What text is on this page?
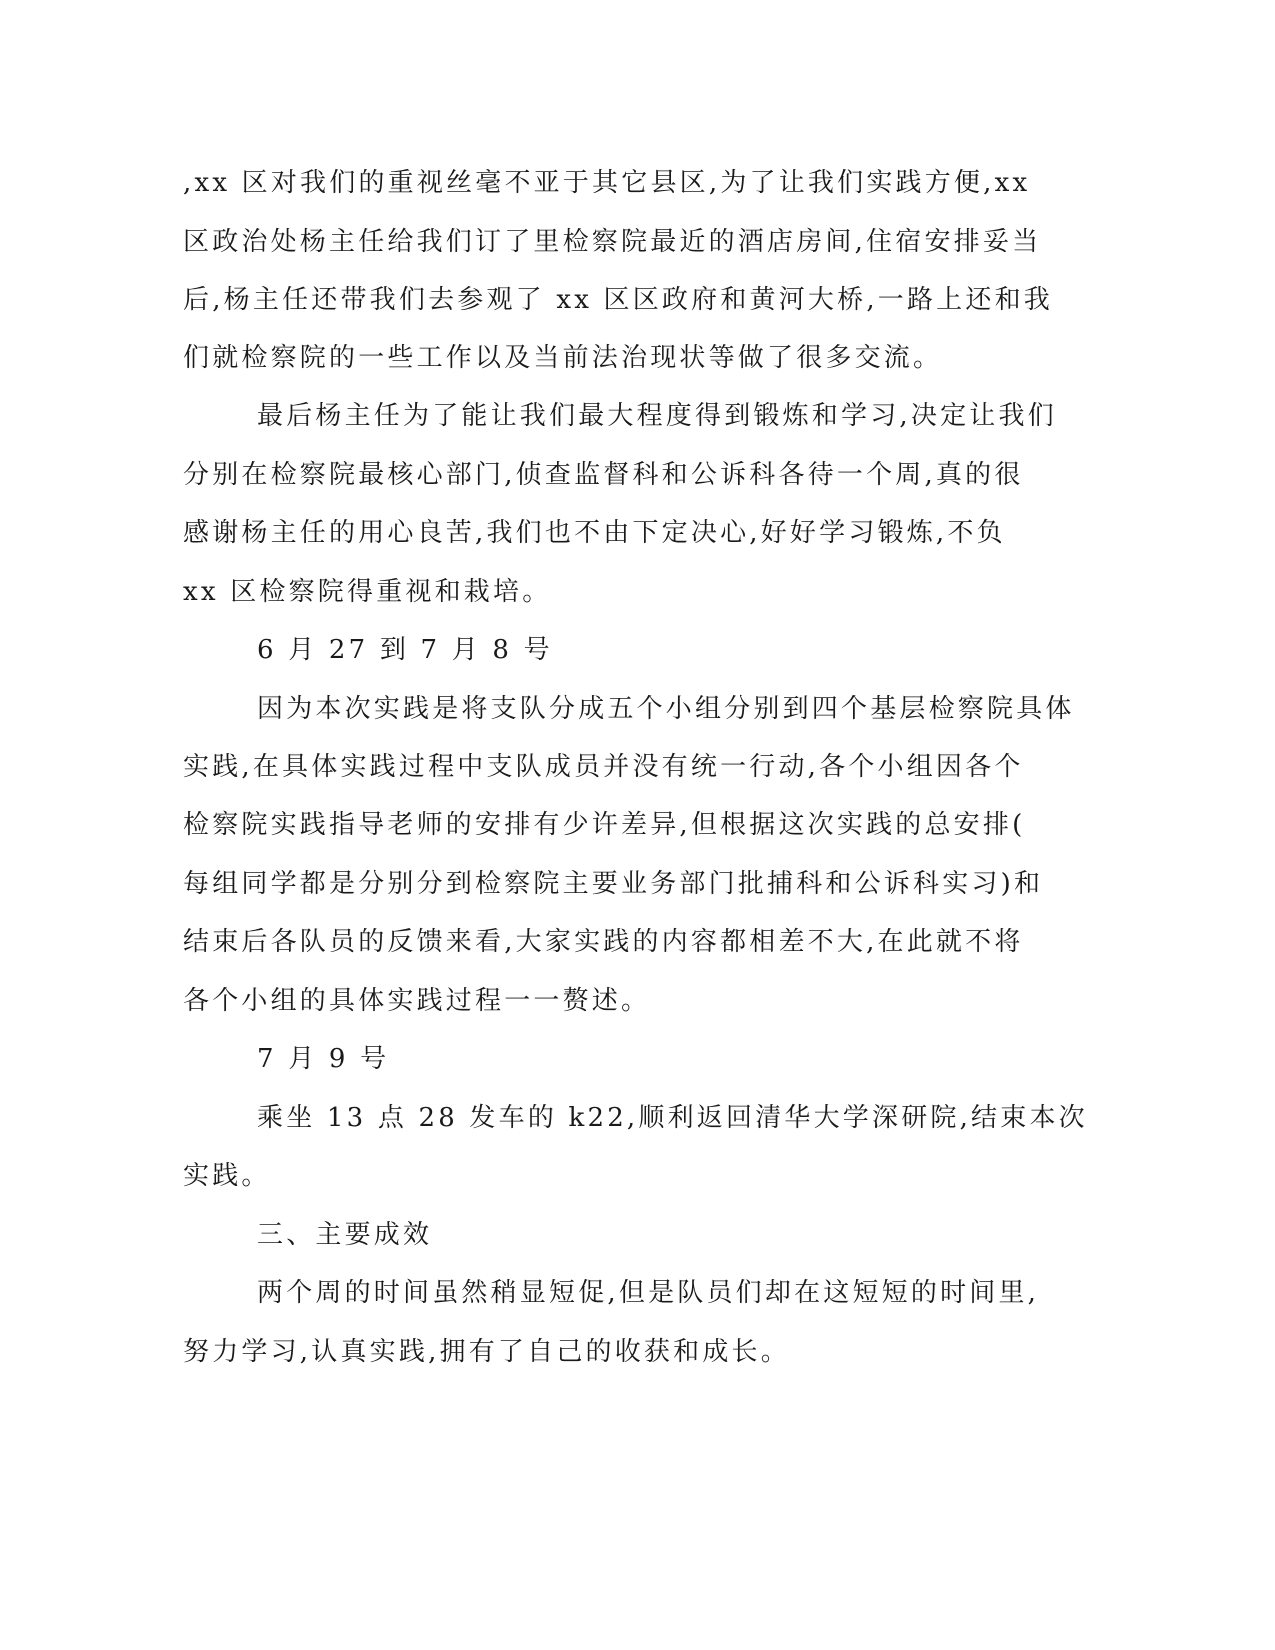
,xx 区对我们的重视丝毫不亚于其它县区,为了让我们实践方便,xx
区政治处杨主任给我们订了里检察院最近的酒店房间,住宿安排妥当
后,杨主任还带我们去参观了 xx 区区政府和黄河大桥,一路上还和我
们就检察院的一些工作以及当前法治现状等做了很多交流。
最后杨主任为了能让我们最大程度得到锻炼和学习,决定让我们
分别在检察院最核心部门,侦查监督科和公诉科各待一个周,真的很
感谢杨主任的用心良苦,我们也不由下定决心,好好学习锻炼,不负
xx 区检察院得重视和栽培。
6 月 27 到 7 月 8 号
因为本次实践是将支队分成五个小组分别到四个基层检察院具体
实践,在具体实践过程中支队成员并没有统一行动,各个小组因各个
检察院实践指导老师的安排有少许差异,但根据这次实践的总安排(
每组同学都是分别分到检察院主要业务部门批捕科和公诉科实习)和
结束后各队员的反馈来看,大家实践的内容都相差不大,在此就不将
各个小组的具体实践过程一一赘述。
7 月 9 号
乘坐 13 点 28 发车的 k22,顺利返回清华大学深研院,结束本次
实践。
三、主要成效
两个周的时间虽然稍显短促,但是队员们却在这短短的时间里,
努力学习,认真实践,拥有了自己的收获和成长。
